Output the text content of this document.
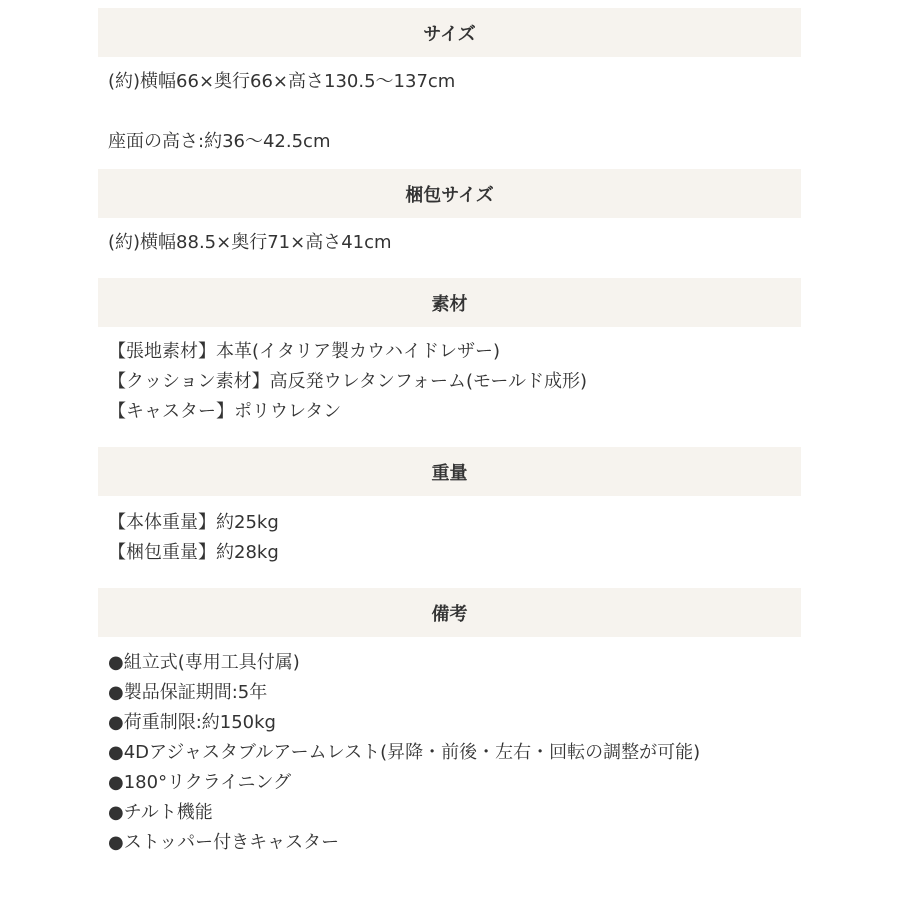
サイズ
(約)横幅66×奥行66×高さ130.5〜137cm
座面の高さ:約36〜42.5cm
梱包サイズ
(約)横幅88.5×奥行71×高さ41cm
素材
【張地素材】本革(イタリア製カウハイドレザー)
【クッション素材】高反発ウレタンフォーム(モールド成形)
【キャスター】ポリウレタン
重量
【本体重量】約25kg
【梱包重量】約28kg
備考
●組立式(専用工具付属)
●製品保証期間:5年
●荷重制限:約150kg
●4Dアジャスタブルアームレスト(昇降・前後・左右・回転の調整が可能)
●180°リクライニング
●チルト機能
●ストッパー付きキャスター
